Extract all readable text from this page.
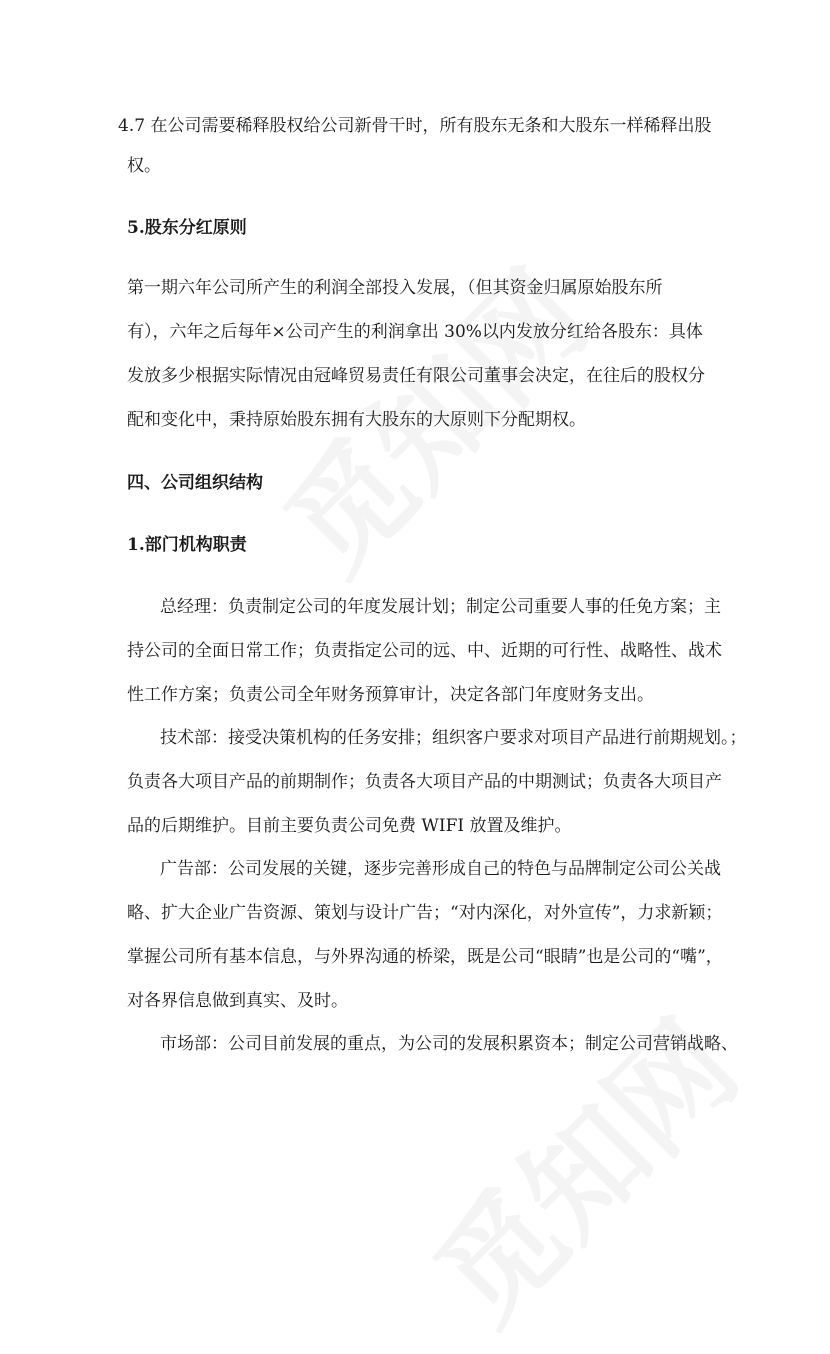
4.7 在公司需要稀释股权给公司新骨干时，所有股东无条和大股东一样稀释出股
权。
5.股东分红原则
第一期六年公司所产生的利润全部投入发展，（但其资金归属原始股东所
有），六年之后每年×公司产生的利润拿出 30%以内发放分红给各股东：具体
发放多少根据实际情况由冠峰贸易责任有限公司董事会决定，在往后的股权分
配和变化中，秉持原始股东拥有大股东的大原则下分配期权。
四、公司组织结构
1.部门机构职责
总经理：负责制定公司的年度发展计划；制定公司重要人事的任免方案；主
持公司的全面日常工作；负责指定公司的远、中、近期的可行性、战略性、战术
性工作方案；负责公司全年财务预算审计，决定各部门年度财务支出。
技术部：接受决策机构的任务安排；组织客户要求对项目产品进行前期规划。；
负责各大项目产品的前期制作；负责各大项目产品的中期测试；负责各大项目产
品的后期维护。目前主要负责公司免费 WIFI 放置及维护。
广告部：公司发展的关键，逐步完善形成自己的特色与品牌制定公司公关战
略、扩大企业广告资源、策划与设计广告；“对内深化，对外宣传”，力求新颖；
掌握公司所有基本信息，与外界沟通的桥梁，既是公司“眼睛”也是公司的“嘴”，
对各界信息做到真实、及时。
市场部：公司目前发展的重点，为公司的发展积累资本；制定公司营销战略、
